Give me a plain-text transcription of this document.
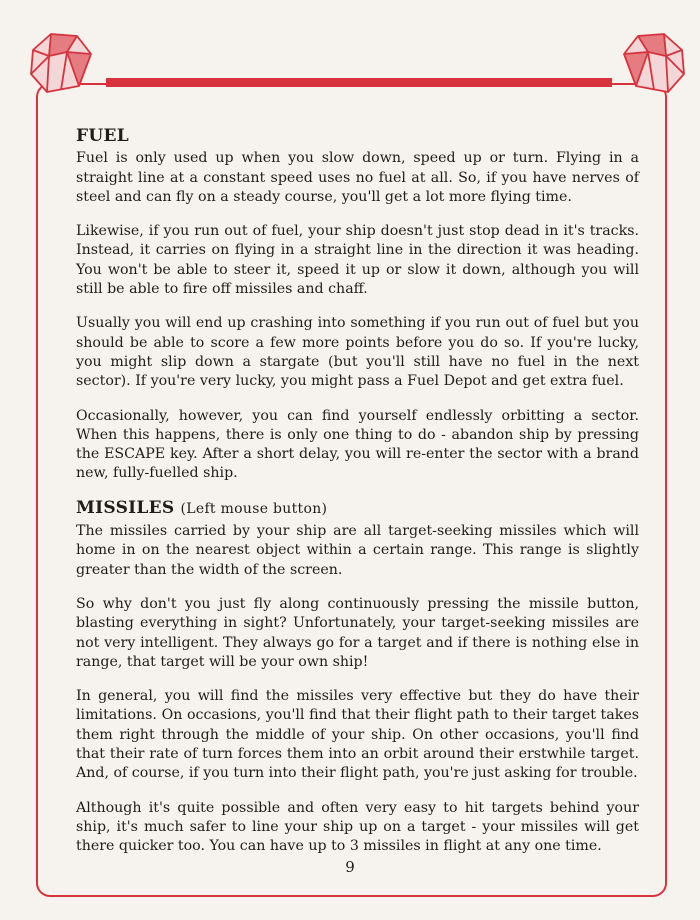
FUEL

Fuel is only used up when you slow down, speed up or turn. Flying in a straight line at a constant speed uses no fuel at all. So, if you have nerves of steel and can fly on a steady course, you'll get a lot more flying time.

Likewise, if you run out of fuel, your ship doesn't just stop dead in it's tracks. Instead, it carries on flying in a straight line in the direction it was heading. You won't be able to steer it, speed it up or slow it down, although you will still be able to fire off missiles and chaff.

Usually you will end up crashing into something if you run out of fuel but you should be able to score a few more points before you do so. If you're lucky, you might slip down a stargate (but you'll still have no fuel in the next sector). If you're very lucky, you might pass a Fuel Depot and get extra fuel.

Occasionally, however, you can find yourself endlessly orbitting a sector. When this happens, there is only one thing to do - abandon ship by pressing the ESCAPE key. After a short delay, you will re-enter the sector with a brand new, fully-fuelled ship.

MISSILES (Left mouse button)

The missiles carried by your ship are all target-seeking missiles which will home in on the nearest object within a certain range. This range is slightly greater than the width of the screen.

So why don't you just fly along continuously pressing the missile button, blasting everything in sight? Unfortunately, your target-seeking missiles are not very intelligent. They always go for a target and if there is nothing else in range, that target will be your own ship!

In general, you will find the missiles very effective but they do have their limitations. On occasions, you'll find that their flight path to their target takes them right through the middle of your ship. On other occasions, you'll find that their rate of turn forces them into an orbit around their erstwhile target. And, of course, if you turn into their flight path, you're just asking for trouble.

Although it's quite possible and often very easy to hit targets behind your ship, it's much safer to line your ship up on a target - your missiles will get there quicker too. You can have up to 3 missiles in flight at any one time.

9
